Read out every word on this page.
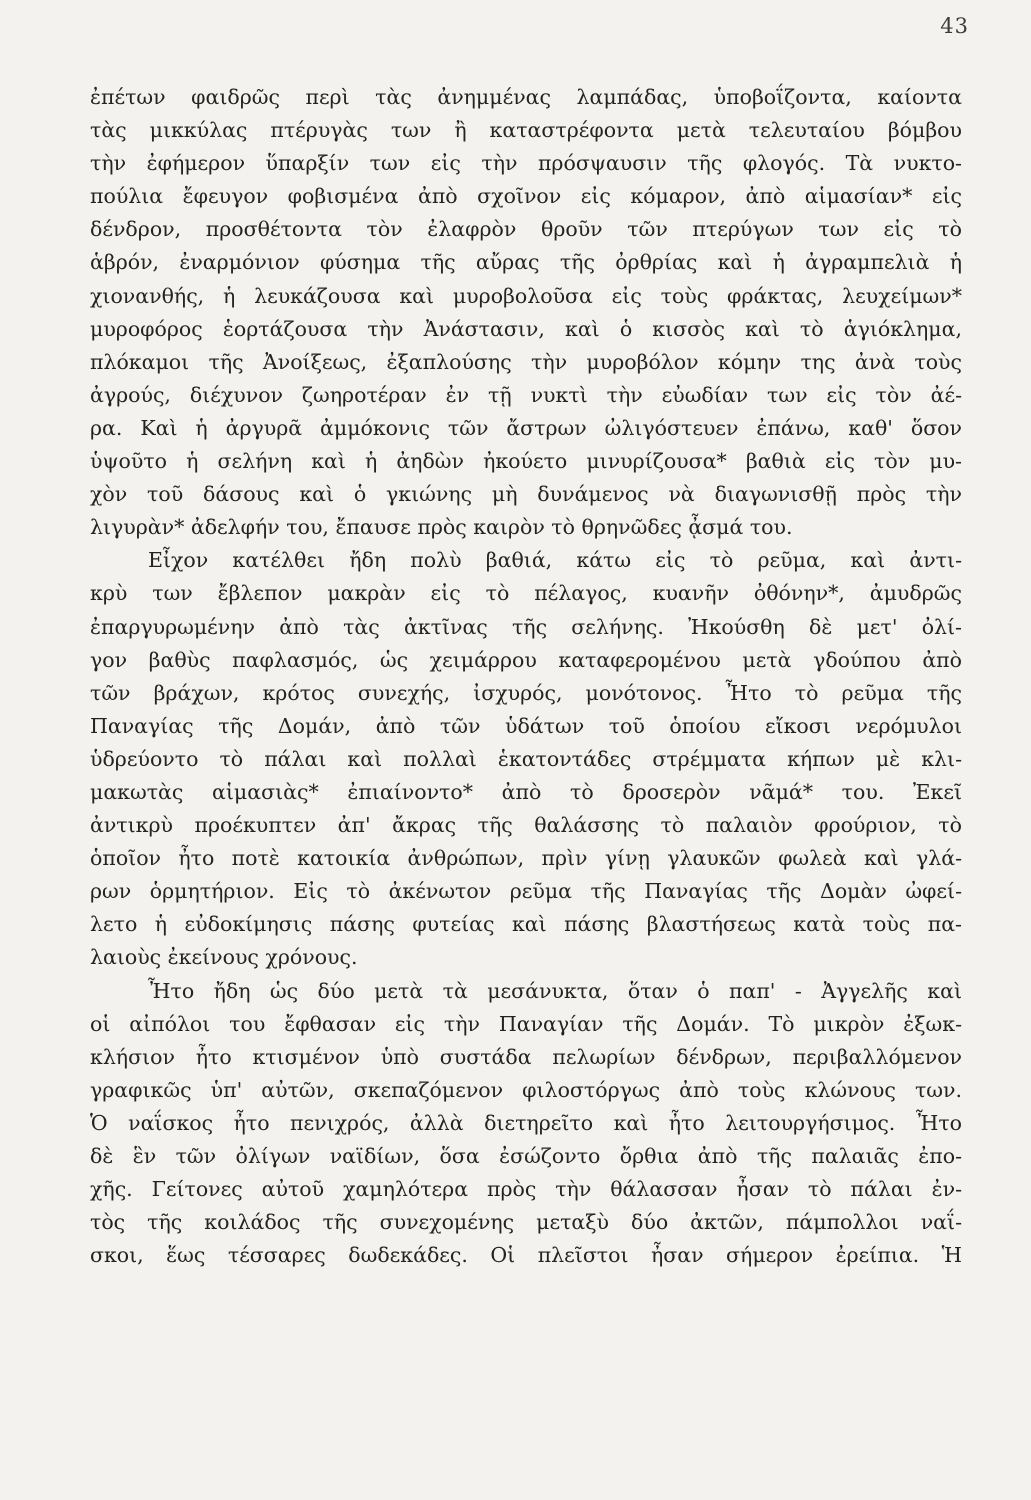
43
ἐπέτων φαιδρῶς περὶ τὰς ἀνημμένας λαμπάδας, ὑποβοΐζοντα, καίοντα
τὰς μικκύλας πτέρυγὰς των ἢ καταστρέφοντα μετὰ τελευταίου βόμβου
τὴν ἐφήμερον ὕπαρξίν των εἰς τὴν πρόσψαυσιν τῆς φλογός. Τὰ νυκτο-
πούλια ἔφευγον φοβισμένα ἀπὸ σχοῖνον εἰς κόμαρον, ἀπὸ αἱμασίαν* εἰς
δένδρον, προσθέτοντα τὸν ἐλαφρὸν θροῦν τῶν πτερύγων των εἰς τὸ
ἁβρόν, ἐναρμόνιον φύσημα τῆς αὔρας τῆς ὀρθρίας καὶ ἡ ἀγραμπελιὰ ἡ
χιονανθής, ἡ λευκάζουσα καὶ μυροβολοῦσα εἰς τοὺς φράκτας, λευχείμων*
μυροφόρος ἑορτάζουσα τὴν Ἀνάστασιν, καὶ ὁ κισσὸς καὶ τὸ ἁγιόκλημα,
πλόκαμοι τῆς Ἀνοίξεως, ἐξαπλούσης τὴν μυροβόλον κόμην της ἀνὰ τοὺς
ἀγρούς, διέχυνον ζωηροτέραν ἐν τῇ νυκτὶ τὴν εὐωδίαν των εἰς τὸν ἀέ-
ρα. Καὶ ἡ ἀργυρᾶ ἀμμόκονις τῶν ἄστρων ὠλιγόστευεν ἐπάνω, καθ' ὅσον
ὑψοῦτο ἡ σελήνη καὶ ἡ ἀηδὼν ἠκούετο μινυρίζουσα* βαθιὰ εἰς τὸν μυ-
χὸν τοῦ δάσους καὶ ὁ γκιώνης μὴ δυνάμενος νὰ διαγωνισθῇ πρὸς τὴν
λιγυρὰν* ἀδελφήν του, ἔπαυσε πρὸς καιρὸν τὸ θρηνῶδες ᾆσμά του.
Εἶχον κατέλθει ἤδη πολὺ βαθιά, κάτω εἰς τὸ ρεῦμα, καὶ ἀντι-
κρὺ των ἔβλεπον μακρὰν εἰς τὸ πέλαγος, κυανῆν ὀθόνην*, ἀμυδρῶς
ἐπαργυρωμένην ἀπὸ τὰς ἀκτῖνας τῆς σελήνης. Ἠκούσθη δὲ μετ' ὀλί-
γον βαθὺς παφλασμός, ὡς χειμάρρου καταφερομένου μετὰ γδούπου ἀπὸ
τῶν βράχων, κρότος συνεχής, ἰσχυρός, μονότονος. Ἦτο τὸ ρεῦμα τῆς
Παναγίας τῆς Δομάν, ἀπὸ τῶν ὑδάτων τοῦ ὁποίου εἴκοσι νερόμυλοι
ὑδρεύοντο τὸ πάλαι καὶ πολλαὶ ἑκατοντάδες στρέμματα κήπων μὲ κλι-
μακωτὰς αἱμασιὰς* ἐπιαίνοντο* ἀπὸ τὸ δροσερὸν νᾶμά* του. Ἐκεῖ
ἀντικρὺ προέκυπτεν ἀπ' ἄκρας τῆς θαλάσσης τὸ παλαιὸν φρούριον, τὸ
ὁποῖον ἦτο ποτὲ κατοικία ἀνθρώπων, πρὶν γίνῃ γλαυκῶν φωλεὰ καὶ γλά-
ρων ὁρμητήριον. Εἰς τὸ ἀκένωτον ρεῦμα τῆς Παναγίας τῆς Δομὰν ὠφεί-
λετο ἡ εὐδοκίμησις πάσης φυτείας καὶ πάσης βλαστήσεως κατὰ τοὺς πα-
λαιοὺς ἐκείνους χρόνους.
Ἦτο ἤδη ὡς δύο μετὰ τὰ μεσάνυκτα, ὅταν ὁ παπ' - Ἀγγελῆς καὶ
οἱ αἰπόλοι του ἔφθασαν εἰς τὴν Παναγίαν τῆς Δομάν. Τὸ μικρὸν ἐξωκ-
κλήσιον ἦτο κτισμένον ὑπὸ συστάδα πελωρίων δένδρων, περιβαλλόμενον
γραφικῶς ὑπ' αὐτῶν, σκεπαζόμενον φιλοστόργως ἀπὸ τοὺς κλώνους των.
Ὁ ναΐσκος ἦτο πενιχρός, ἀλλὰ διετηρεῖτο καὶ ἦτο λειτουργήσιμος. Ἦτο
δὲ ἓν τῶν ὀλίγων ναϊδίων, ὅσα ἐσώζοντο ὄρθια ἀπὸ τῆς παλαιᾶς ἐπο-
χῆς. Γείτονες αὐτοῦ χαμηλότερα πρὸς τὴν θάλασσαν ἦσαν τὸ πάλαι ἐν-
τὸς τῆς κοιλάδος τῆς συνεχομένης μεταξὺ δύο ἀκτῶν, πάμπολλοι ναΐ-
σκοι, ἕως τέσσαρες δωδεκάδες. Οἱ πλεῖστοι ἦσαν σήμερον ἐρείπια. Ἡ
